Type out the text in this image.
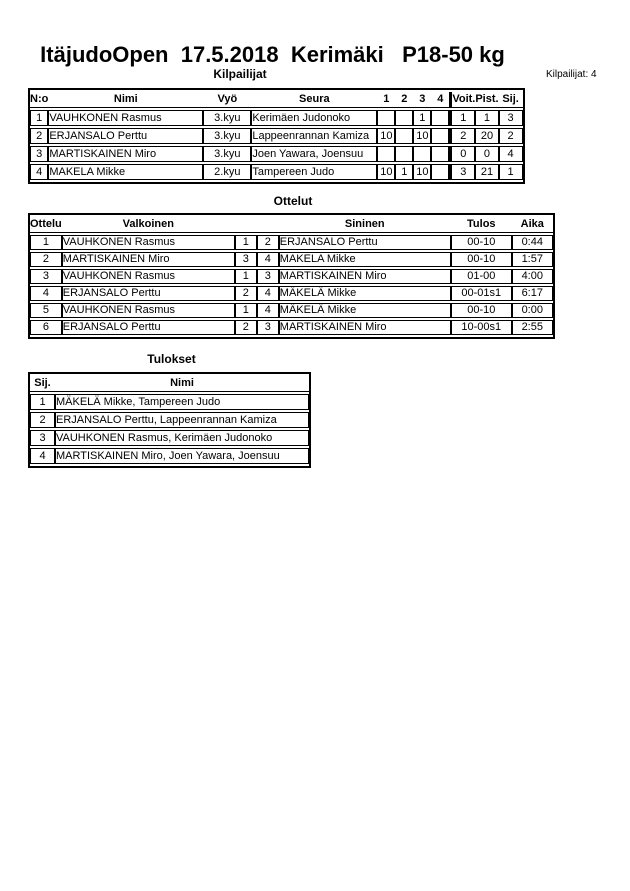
ItäjudoOpen  17.5.2018  Kerimäki   P18-50 kg
Kilpailijat	Kilpailijat: 4
N:o	Nimi	Vyö	Seura	1	2	3	4	Voit.	Pist.	Sij.
1	VAUHKONEN Rasmus	3.kyu	Kerimäen Judonoko			1		1	1	3
2	ERJANSALO Perttu	3.kyu	Lappeenrannan Kamiza	10		10		2	20	2
3	MARTISKAINEN Miro	3.kyu	Joen Yawara, Joensuu					0	0	4
4	MAKELA Mikke	2.kyu	Tampereen Judo	10	1	10		3	21	1
Ottelut
Ottelu	Valkoinen			Sininen	Tulos	Aika
1	VAUHKONEN Rasmus	1	2	ERJANSALO Perttu	00-10	0:44
2	MARTISKAINEN Miro	3	4	MAKELA Mikke	00-10	1:57
3	VAUHKONEN Rasmus	1	3	MARTISKAINEN Miro	01-00	4:00
4	ERJANSALO Perttu	2	4	MÄKELÄ Mikke	00-01s1	6:17
5	VAUHKONEN Rasmus	1	4	MÄKELÄ Mikke	00-10	0:00
6	ERJANSALO Perttu	2	3	MARTISKAINEN Miro	10-00s1	2:55
Tulokset
Sij.	Nimi
1	MÄKELÄ Mikke, Tampereen Judo
2	ERJANSALO Perttu, Lappeenrannan Kamiza
3	VAUHKONEN Rasmus, Kerimäen Judonoko
4	MARTISKAINEN Miro, Joen Yawara, Joensuu
